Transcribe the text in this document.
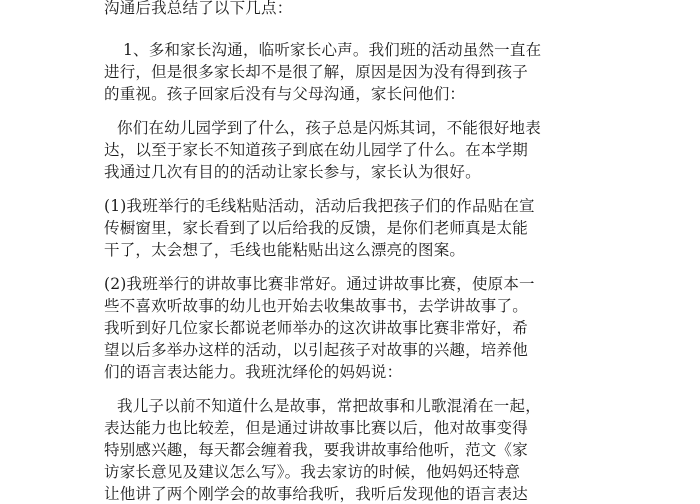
沟通后我总结了以下几点：
1、多和家长沟通，临听家长心声。我们班的活动虽然一直在
进行，但是很多家长却不是很了解，原因是因为没有得到孩子
的重视。孩子回家后没有与父母沟通，家长问他们：
你们在幼儿园学到了什么，孩子总是闪烁其词，不能很好地表
达，以至于家长不知道孩子到底在幼儿园学了什么。在本学期
我通过几次有目的的活动让家长参与，家长认为很好。
(1)我班举行的毛线粘贴活动，活动后我把孩子们的作品贴在宣
传橱窗里，家长看到了以后给我的反馈，是你们老师真是太能
干了，太会想了，毛线也能粘贴出这么漂亮的图案。
(2)我班举行的讲故事比赛非常好。通过讲故事比赛，使原本一
些不喜欢听故事的幼儿也开始去收集故事书，去学讲故事了。
我听到好几位家长都说老师举办的这次讲故事比赛非常好，希
望以后多举办这样的活动，以引起孩子对故事的兴趣，培养他
们的语言表达能力。我班沈绎伦的妈妈说：
我儿子以前不知道什么是故事，常把故事和儿歌混淆在一起，
表达能力也比较差，但是通过讲故事比赛以后，他对故事变得
特别感兴趣，每天都会缠着我，要我讲故事给他听，范文《家
访家长意见及建议怎么写》。我去家访的时候，他妈妈还特意
让他讲了两个刚学会的故事给我听，我听后发现他的语言表达
